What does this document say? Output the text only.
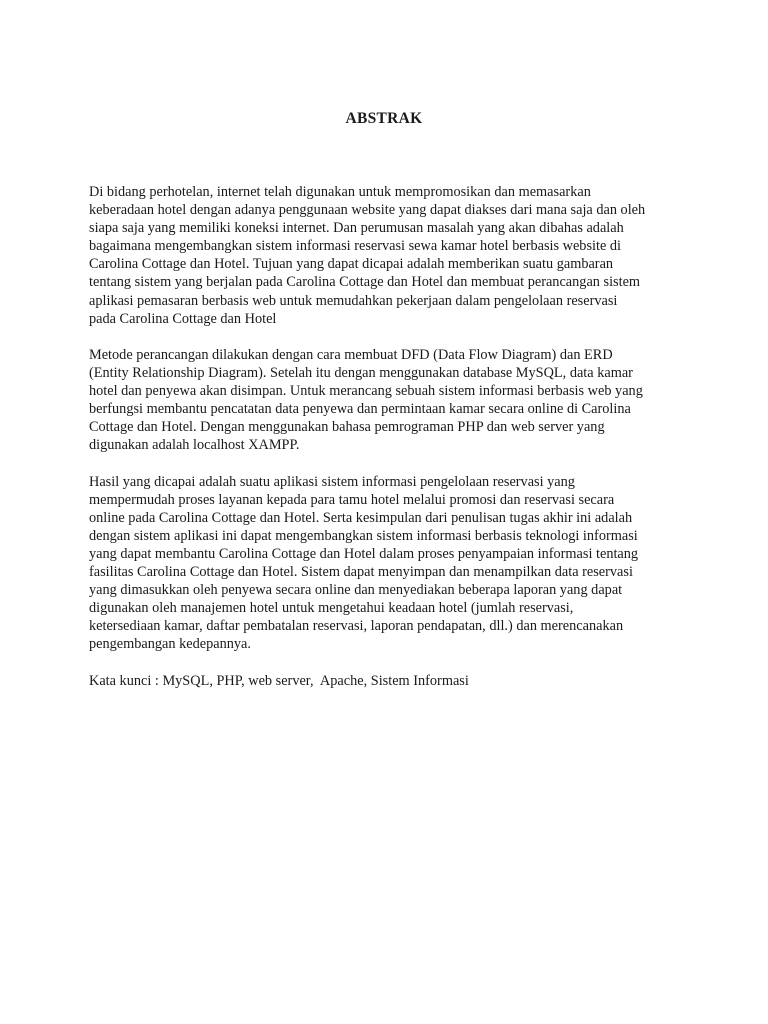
ABSTRAK

Di bidang perhotelan, internet telah digunakan untuk mempromosikan dan memasarkan
keberadaan hotel dengan adanya penggunaan website yang dapat diakses dari mana saja dan oleh
siapa saja yang memiliki koneksi internet. Dan perumusan masalah yang akan dibahas adalah
bagaimana mengembangkan sistem informasi reservasi sewa kamar hotel berbasis website di
Carolina Cottage dan Hotel. Tujuan yang dapat dicapai adalah memberikan suatu gambaran
tentang sistem yang berjalan pada Carolina Cottage dan Hotel dan membuat perancangan sistem
aplikasi pemasaran berbasis web untuk memudahkan pekerjaan dalam pengelolaan reservasi
pada Carolina Cottage dan Hotel

Metode perancangan dilakukan dengan cara membuat DFD (Data Flow Diagram) dan ERD
(Entity Relationship Diagram). Setelah itu dengan menggunakan database MySQL, data kamar
hotel dan penyewa akan disimpan. Untuk merancang sebuah sistem informasi berbasis web yang
berfungsi membantu pencatatan data penyewa dan permintaan kamar secara online di Carolina
Cottage dan Hotel. Dengan menggunakan bahasa pemrograman PHP dan web server yang
digunakan adalah localhost XAMPP.

Hasil yang dicapai adalah suatu aplikasi sistem informasi pengelolaan reservasi yang
mempermudah proses layanan kepada para tamu hotel melalui promosi dan reservasi secara
online pada Carolina Cottage dan Hotel. Serta kesimpulan dari penulisan tugas akhir ini adalah
dengan sistem aplikasi ini dapat mengembangkan sistem informasi berbasis teknologi informasi
yang dapat membantu Carolina Cottage dan Hotel dalam proses penyampaian informasi tentang
fasilitas Carolina Cottage dan Hotel. Sistem dapat menyimpan dan menampilkan data reservasi
yang dimasukkan oleh penyewa secara online dan menyediakan beberapa laporan yang dapat
digunakan oleh manajemen hotel untuk mengetahui keadaan hotel (jumlah reservasi,
ketersediaan kamar, daftar pembatalan reservasi, laporan pendapatan, dll.) dan merencanakan
pengembangan kedepannya.

Kata kunci : MySQL, PHP, web server,  Apache, Sistem Informasi
